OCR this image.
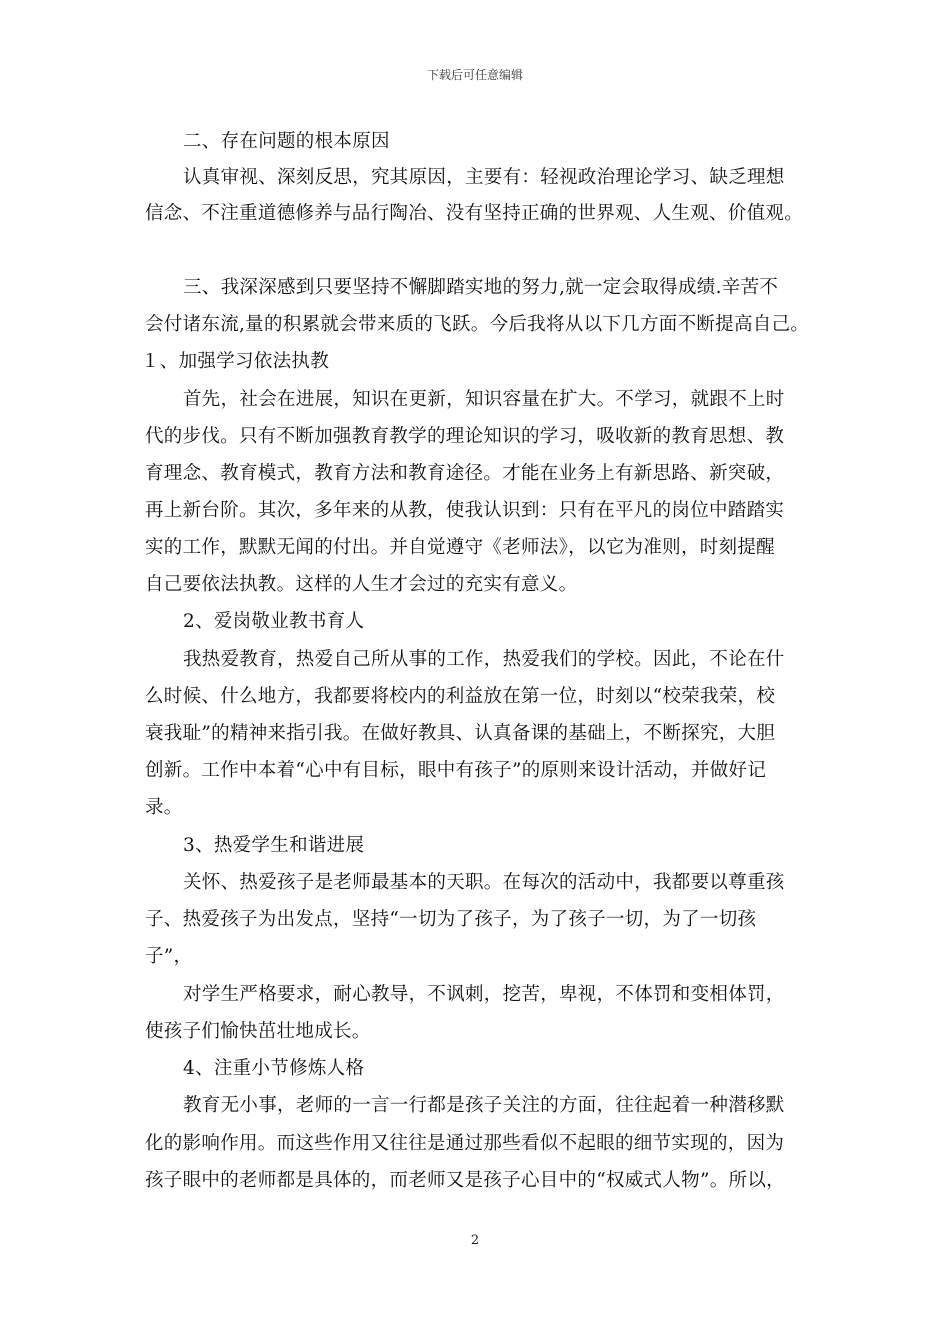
下载后可任意编辑
二、存在问题的根本原因
认真审视、深刻反思，究其原因，主要有：轻视政治理论学习、缺乏理想
信念、不注重道德修养与品行陶冶、没有坚持正确的世界观、人生观、价值观。
三、我深深感到只要坚持不懈脚踏实地的努力,就一定会取得成绩.辛苦不
会付诸东流,量的积累就会带来质的飞跃。今后我将从以下几方面不断提高自己。
１、加强学习依法执教
首先，社会在进展，知识在更新，知识容量在扩大。不学习，就跟不上时
代的步伐。只有不断加强教育教学的理论知识的学习，吸收新的教育思想、教
育理念、教育模式，教育方法和教育途径。才能在业务上有新思路、新突破，
再上新台阶。其次，多年来的从教，使我认识到：只有在平凡的岗位中踏踏实
实的工作，默默无闻的付出。并自觉遵守《老师法》，以它为准则，时刻提醒
自己要依法执教。这样的人生才会过的充实有意义。
2、爱岗敬业教书育人
我热爱教育，热爱自己所从事的工作，热爱我们的学校。因此，不论在什
么时候、什么地方，我都要将校内的利益放在第一位，时刻以“校荣我荣，校
衰我耻”的精神来指引我。在做好教具、认真备课的基础上，不断探究，大胆
创新。工作中本着“心中有目标，眼中有孩子”的原则来设计活动，并做好记
录。
3、热爱学生和谐进展
关怀、热爱孩子是老师最基本的天职。在每次的活动中，我都要以尊重孩
子、热爱孩子为出发点，坚持“一切为了孩子，为了孩子一切，为了一切孩
子”，
对学生严格要求，耐心教导，不讽刺，挖苦，卑视，不体罚和变相体罚，
使孩子们愉快茁壮地成长。
4、注重小节修炼人格
教育无小事，老师的一言一行都是孩子关注的方面，往往起着一种潜移默
化的影响作用。而这些作用又往往是通过那些看似不起眼的细节实现的，因为
孩子眼中的老师都是具体的，而老师又是孩子心目中的“权威式人物”。所以，
2
